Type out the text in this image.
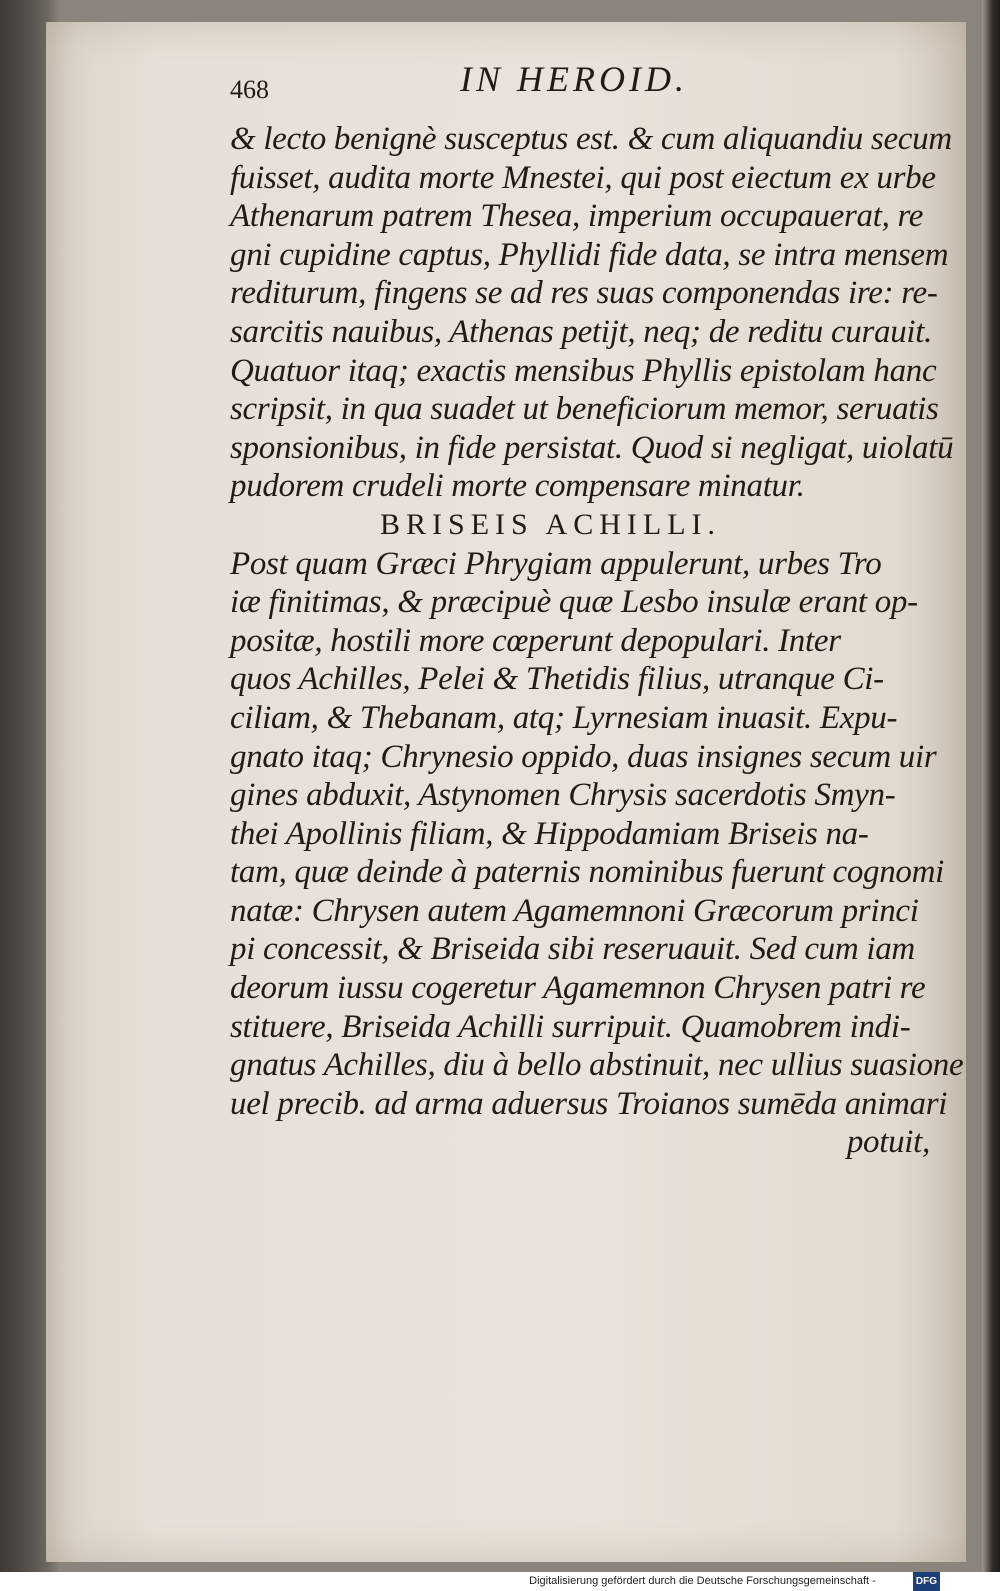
468	IN HEROID.
& lecto benignè susceptus est. & cum aliquandiu secum
fuisset, audita morte Mnestei, qui post eiectum ex urbe
Athenarum patrem Thesea, imperium occupauerat, re
gni cupidine captus, Phyllidi fide data, se intra mensem
rediturum, fingens se ad res suas componendas ire: re-
sarcitis nauibus, Athenas petijt, neq; de reditu curauit.
Quatuor itaq; exactis mensibus Phyllis epistolam hanc
scripsit, in qua suadet ut beneficiorum memor, seruatis
sponsionibus, in fide persistat. Quod si negligat, uiolatū
pudorem crudeli morte compensare minatur.
BRISEIS ACHILLI.
Post quam Græci Phrygiam appulerunt, urbes Tro
iæ finitimas, & præcipuè quæ Lesbo insulæ erant op-
positæ, hostili more cœperunt depopulari. Inter
quos Achilles, Pelei & Thetidis filius, utranque Ci-
ciliam, & Thebanam, atq; Lyrnesiam inuasit. Expu-
gnato itaq; Chrynesio oppido, duas insignes secum uir
gines abduxit, Astynomen Chrysis sacerdotis Smyn-
thei Apollinis filiam, & Hippodamiam Briseis na-
tam, quæ deinde à paternis nominibus fuerunt cognomi
natæ: Chrysen autem Agamemnoni Græcorum princi
pi concessit, & Briseida sibi reseruauit. Sed cum iam
deorum iussu cogeretur Agamemnon Chrysen patri re
stituere, Briseida Achilli surripuit. Quamobrem indi-
gnatus Achilles, diu à bello abstinuit, nec ullius suasione
uel precib. ad arma aduersus Troianos sumēda animari
potuit,
Digitalisierung gefördert durch die Deutsche Forschungsgemeinschaft -	DFG
